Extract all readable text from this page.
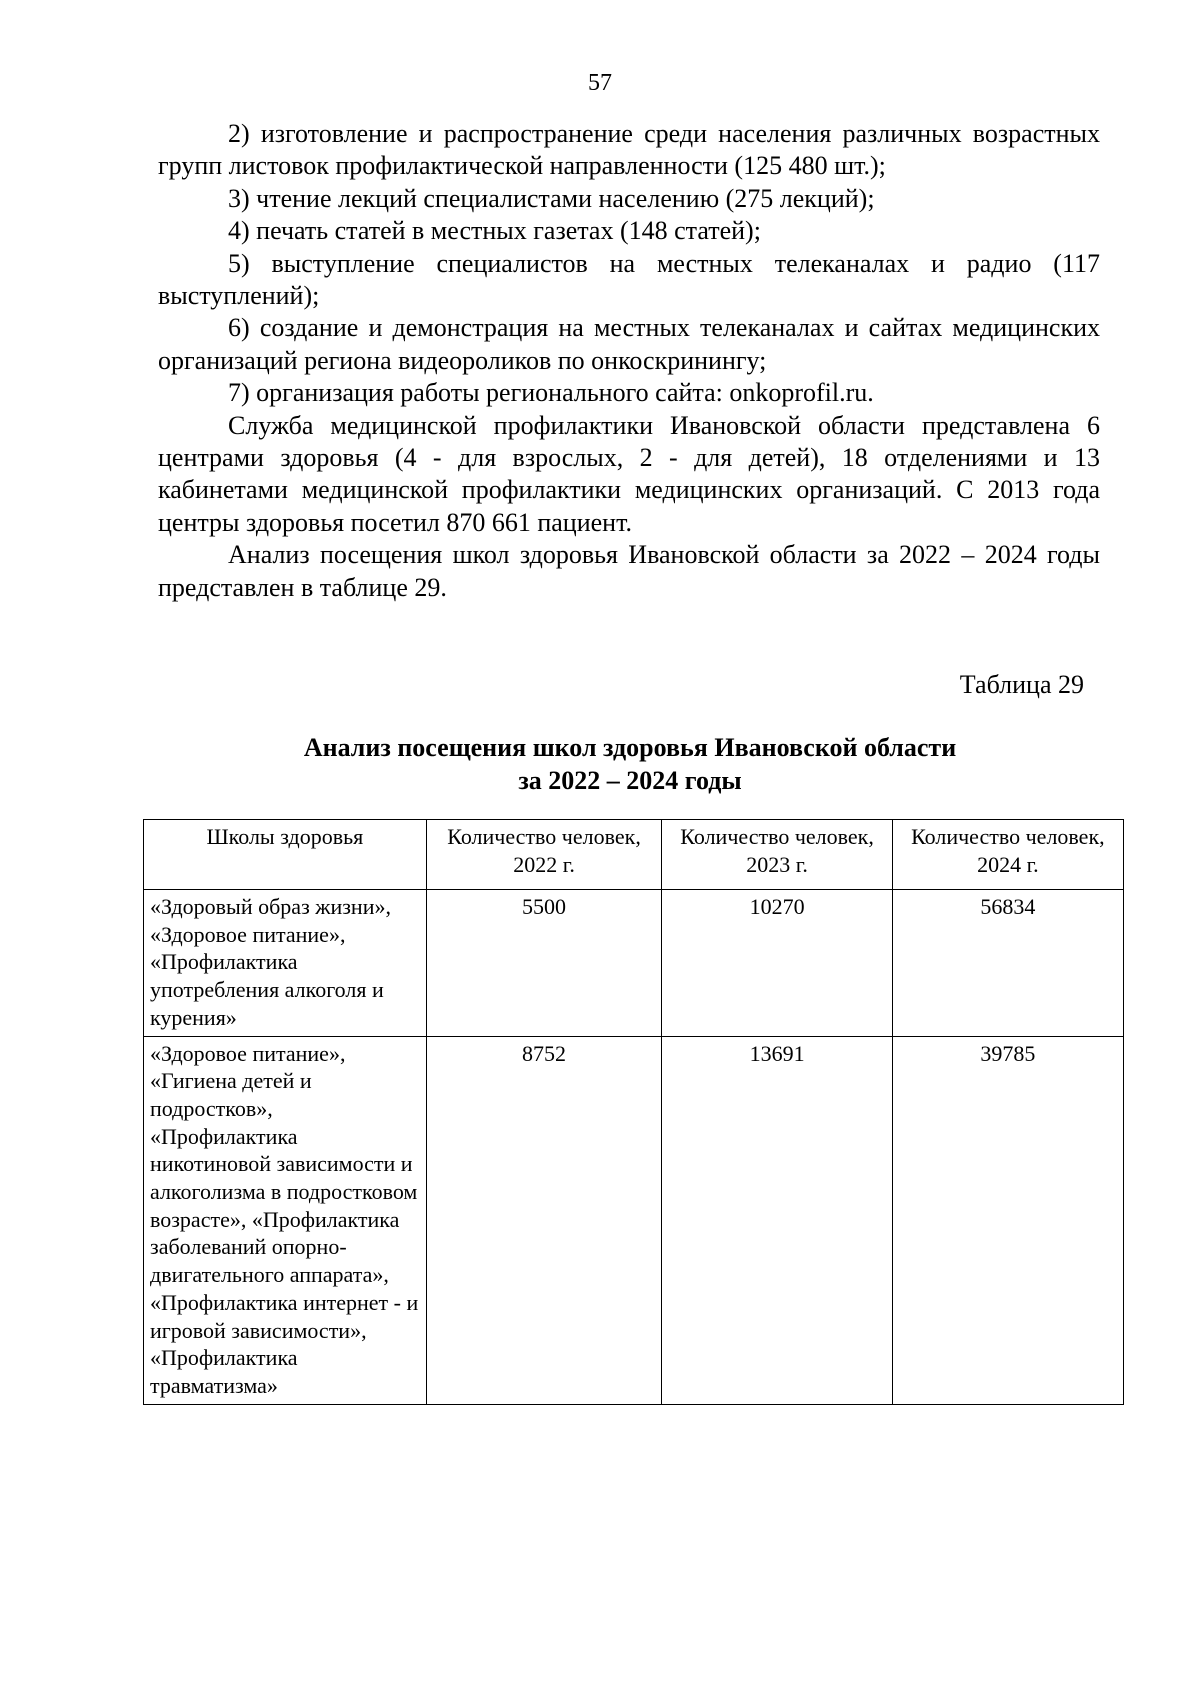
57

2) изготовление и распространение среди населения различных возрастных групп листовок профилактической направленности (125 480 шт.);

3) чтение лекций специалистами населению (275 лекций);

4) печать статей в местных газетах (148 статей);

5) выступление специалистов на местных телеканалах и радио (117 выступлений);

6) создание и демонстрация на местных телеканалах и сайтах медицинских организаций региона видеороликов по онкоскринингу;

7) организация работы регионального сайта: onkoprofil.ru.

Служба медицинской профилактики Ивановской области представлена 6 центрами здоровья (4 - для взрослых, 2 - для детей), 18 отделениями и 13 кабинетами медицинской профилактики медицинских организаций. С 2013 года центры здоровья посетил 870 661 пациент.

Анализ посещения школ здоровья Ивановской области за 2022 – 2024 годы представлен в таблице 29.

Таблица 29
Анализ посещения школ здоровья Ивановской области
за 2022 – 2024 годы
Школы здоровья	Количество человек, 2022 г.	Количество человек, 2023 г.	Количество человек, 2024 г.
«Здоровый образ жизни», «Здоровое питание», «Профилактика употребления алкоголя и курения»	5500	10270	56834
«Здоровое питание», «Гигиена детей и подростков», «Профилактика никотиновой зависимости и алкоголизма в подростковом возрасте», «Профилактика заболеваний опорно-двигательного аппарата», «Профилактика интернет - и игровой зависимости», «Профилактика травматизма»	8752	13691	39785
